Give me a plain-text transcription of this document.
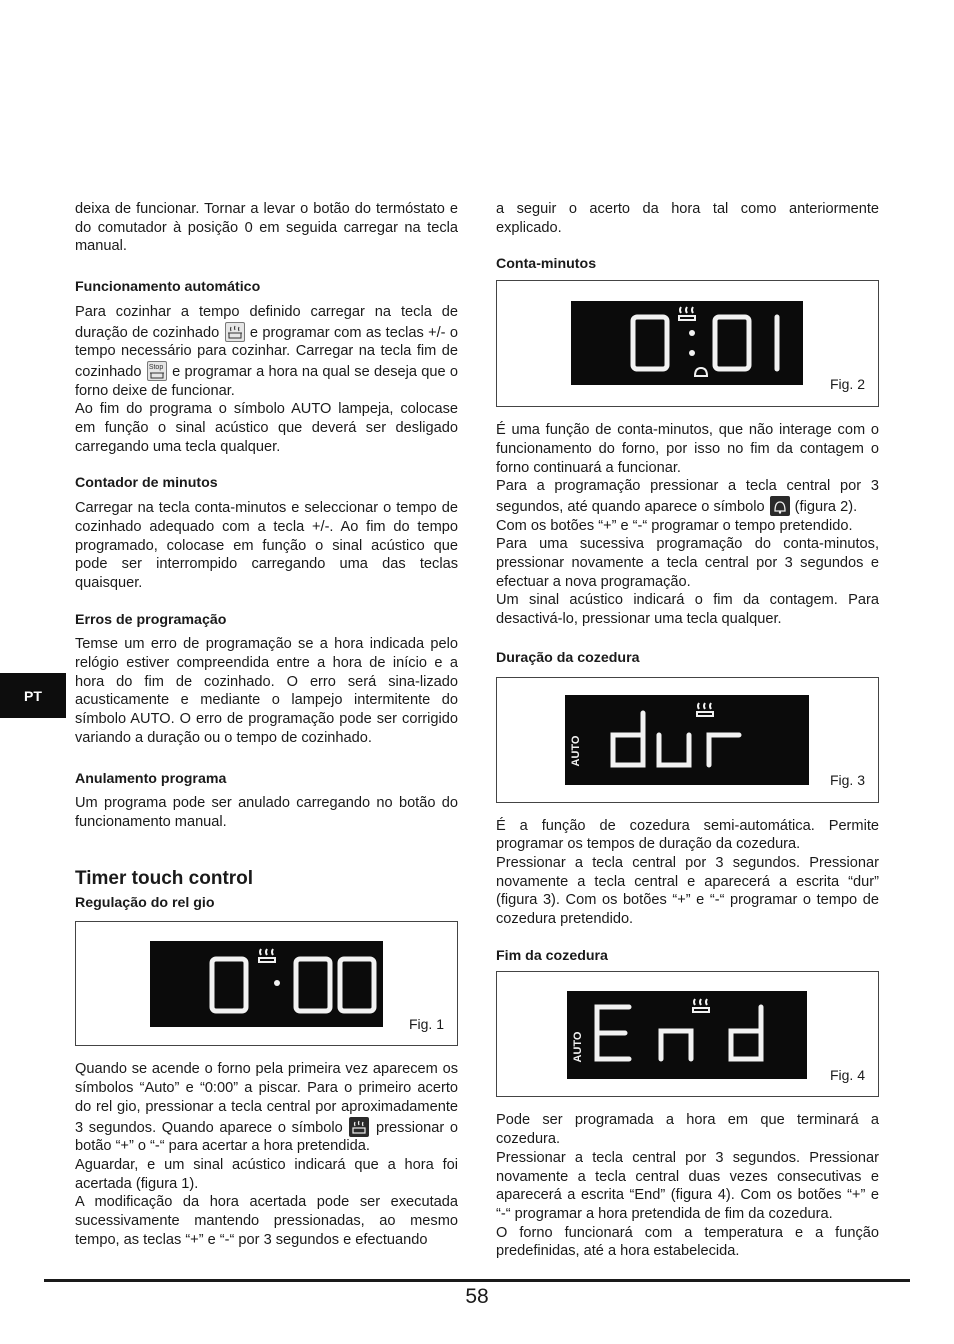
PT

deixa de funcionar. Tornar a levar o botão do termóstato e do comutador à posição 0 em seguida carregar na tecla manual.

Funcionamento automático

Para cozinhar a tempo definido carregar na tecla de duração de cozinhado  e programar com as teclas +/- o tempo necessário para cozinhar. Carregar na tecla fim de cozinhado Stop e programar a hora na qual se deseja que o forno deixe de funcionar.

Ao fim do programa o símbolo AUTO lampeja, colocase em função o sinal acústico que deverá ser desligado carregando uma tecla qualquer.

Contador de minutos

Carregar na tecla conta-minutos e seleccionar o tempo de cozinhado adequado com a tecla +/-. Ao fim do tempo programado, colocase em função o sinal acústico que pode ser interrompido carregando uma das teclas quaisquer.

Erros de programação

Temse um erro de programação se a hora indicada pelo relógio estiver compreendida entre a hora de início e a hora do fim de cozinhado. O erro será sina-lizado acusticamente e mediante o lampejo intermitente do símbolo AUTO. O erro de programação pode ser corrigido variando a duração ou o tempo de cozinhado.

Anulamento programa

Um programa pode ser anulado carregando no botão do funcionamento manual.

Timer touch control
Regulação do rel gio
Fig. 1

Quando se acende o forno pela primeira vez aparecem os símbolos “Auto” e “0:00” a piscar. Para o primeiro acerto do rel gio, pressionar a tecla central por aproximadamente 3 segundos. Quando aparece o símbolo  pressionar o botão “+” o “-“ para acertar a hora pretendida.

Aguardar, e um sinal acústico indicará que a hora foi acertada (figura 1).

A modificação da hora acertada pode ser executada sucessivamente mantendo pressionadas, ao mesmo tempo, as teclas “+” e “-“ por 3 segundos e efectuando

a seguir o acerto da hora tal como anteriormente explicado.

Conta-minutos
Fig. 2

É uma função de conta-minutos, que não interage com o funcionamento do forno, por isso no fim da contagem o forno continuará a funcionar.

Para a programação pressionar a tecla central por 3 segundos, até quando aparece o símbolo  (figura 2).

Com os botões “+” e “-“ programar o tempo pretendido.

Para uma sucessiva programação do conta-minutos, pressionar novamente a tecla central por 3 segundos e efectuar a nova programação.

Um sinal acústico indicará o fim da contagem. Para desactivá-lo, pressionar uma tecla qualquer.

Duração da cozedura
AUTO
Fig. 3

É a função de cozedura semi-automática. Permite programar os tempos de duração da cozedura.

Pressionar a tecla central por 3 segundos. Pressionar novamente a tecla central e aparecerá a escrita “dur” (figura 3). Com os botões “+” e “-“ programar o tempo de cozedura pretendido.

Fim da cozedura
AUTO
Fig. 4

Pode ser programada a hora em que terminará a cozedura.

Pressionar a tecla central por 3 segundos. Pressionar novamente a tecla central duas vezes consecutivas e aparecerá a escrita “End” (figura 4). Com os botões “+” e “-“ programar a hora pretendida de fim da cozedura.

O forno funcionará com a temperatura e a função predefinidas, até a hora estabelecida.

58
